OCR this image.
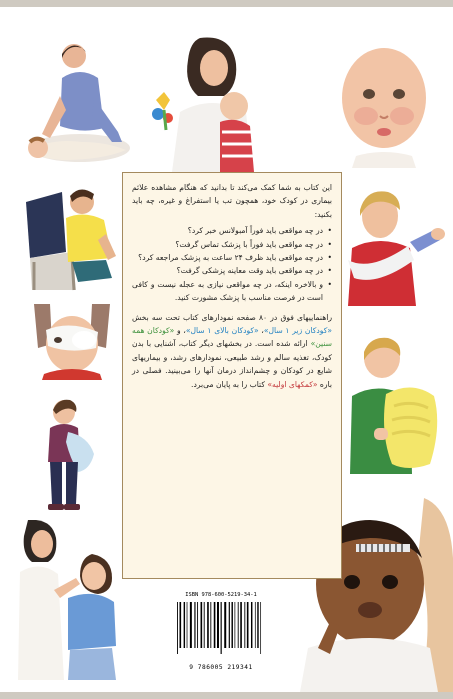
این کتاب به شما کمک می‌کند تا بدانید که هنگام مشاهده علائم بیماری در کودک خود، همچون تب یا استفراغ و غیره، چه باید بکنید:

• در چه مواقعی باید فوراً آمبولانس خبر کرد؟
• در چه مواقعی باید فوراً با پزشک تماس گرفت؟
• در چه مواقعی باید ظرف ۲۴ ساعت به پزشک مراجعه کرد؟
• در چه مواقعی باید وقت معاینه پزشکی گرفت؟
• و بالاخره اینکه، در چه مواقعی نیازی به عجله نیست و کافی است در فرصت مناسب با پزشک مشورت کنید.

راهنماییهای فوق در ۸۰ صفحه نمودارهای کتاب تحت سه بخش «کودکان زیر ۱ سال»، «کودکان بالای ۱ سال»، و «کودکان همه سنین» ارائه شده است. در بخشهای دیگر کتاب، آشنایی با بدن کودک، تغذیه سالم و رشد طبیعی، نمودارهای رشد، و بیماریهای شایع در کودکان و چشم‌انداز درمان آنها را می‌بینید. فصلی در باره «کمکهای اولیه» کتاب را به پایان می‌برد.

ISBN 978-600-5219-34-1
9 786005 219341
